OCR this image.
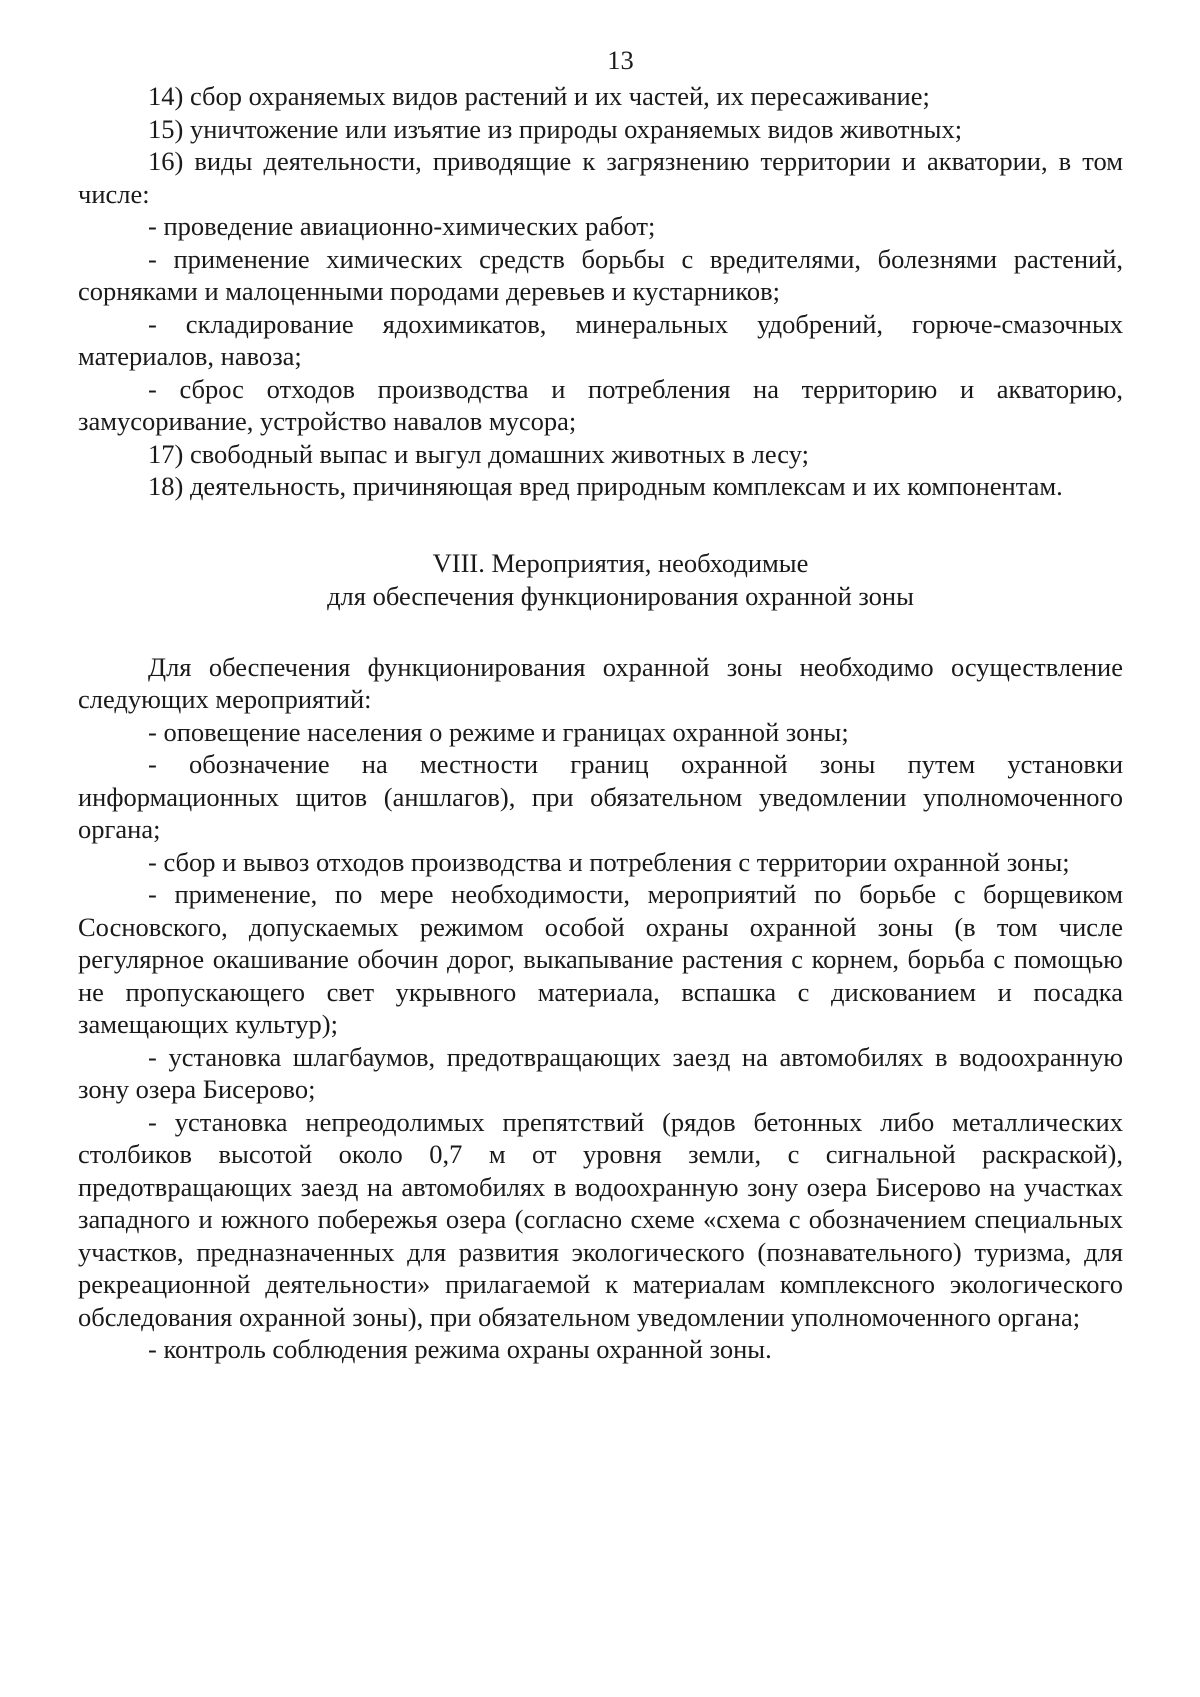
13

14) сбор охраняемых видов растений и их частей, их пересаживание;

15) уничтожение или изъятие из природы охраняемых видов животных;

16) виды деятельности, приводящие к загрязнению территории и акватории, в том числе:

- проведение авиационно-химических работ;

- применение химических средств борьбы с вредителями, болезнями растений, сорняками и малоценными породами деревьев и кустарников;

- складирование ядохимикатов, минеральных удобрений, горюче-смазочных материалов, навоза;

- сброс отходов производства и потребления на территорию и акваторию, замусоривание, устройство навалов мусора;

17) свободный выпас и выгул домашних животных в лесу;

18) деятельность, причиняющая вред природным комплексам и их компонентам.

VIII. Мероприятия, необходимые
для обеспечения функционирования охранной зоны

Для обеспечения функционирования охранной зоны необходимо осуществление следующих мероприятий:

- оповещение населения о режиме и границах охранной зоны;

- обозначение на местности границ охранной зоны путем установки информационных щитов (аншлагов), при обязательном уведомлении уполномоченного органа;

- сбор и вывоз отходов производства и потребления с территории охранной зоны;

- применение, по мере необходимости, мероприятий по борьбе с борщевиком Сосновского, допускаемых режимом особой охраны охранной зоны (в том числе регулярное окашивание обочин дорог, выкапывание растения с корнем, борьба с помощью не пропускающего свет укрывного материала, вспашка с дискованием и посадка замещающих культур);

- установка шлагбаумов, предотвращающих заезд на автомобилях в водоохранную зону озера Бисерово;

- установка непреодолимых препятствий (рядов бетонных либо металлических столбиков высотой около 0,7 м от уровня земли, с сигнальной раскраской), предотвращающих заезд на автомобилях в водоохранную зону озера Бисерово на участках западного и южного побережья озера (согласно схеме «схема с обозначением специальных участков, предназначенных для развития экологического (познавательного) туризма, для рекреационной деятельности» прилагаемой к материалам комплексного экологического обследования охранной зоны), при обязательном уведомлении уполномоченного органа;

- контроль соблюдения режима охраны охранной зоны.
